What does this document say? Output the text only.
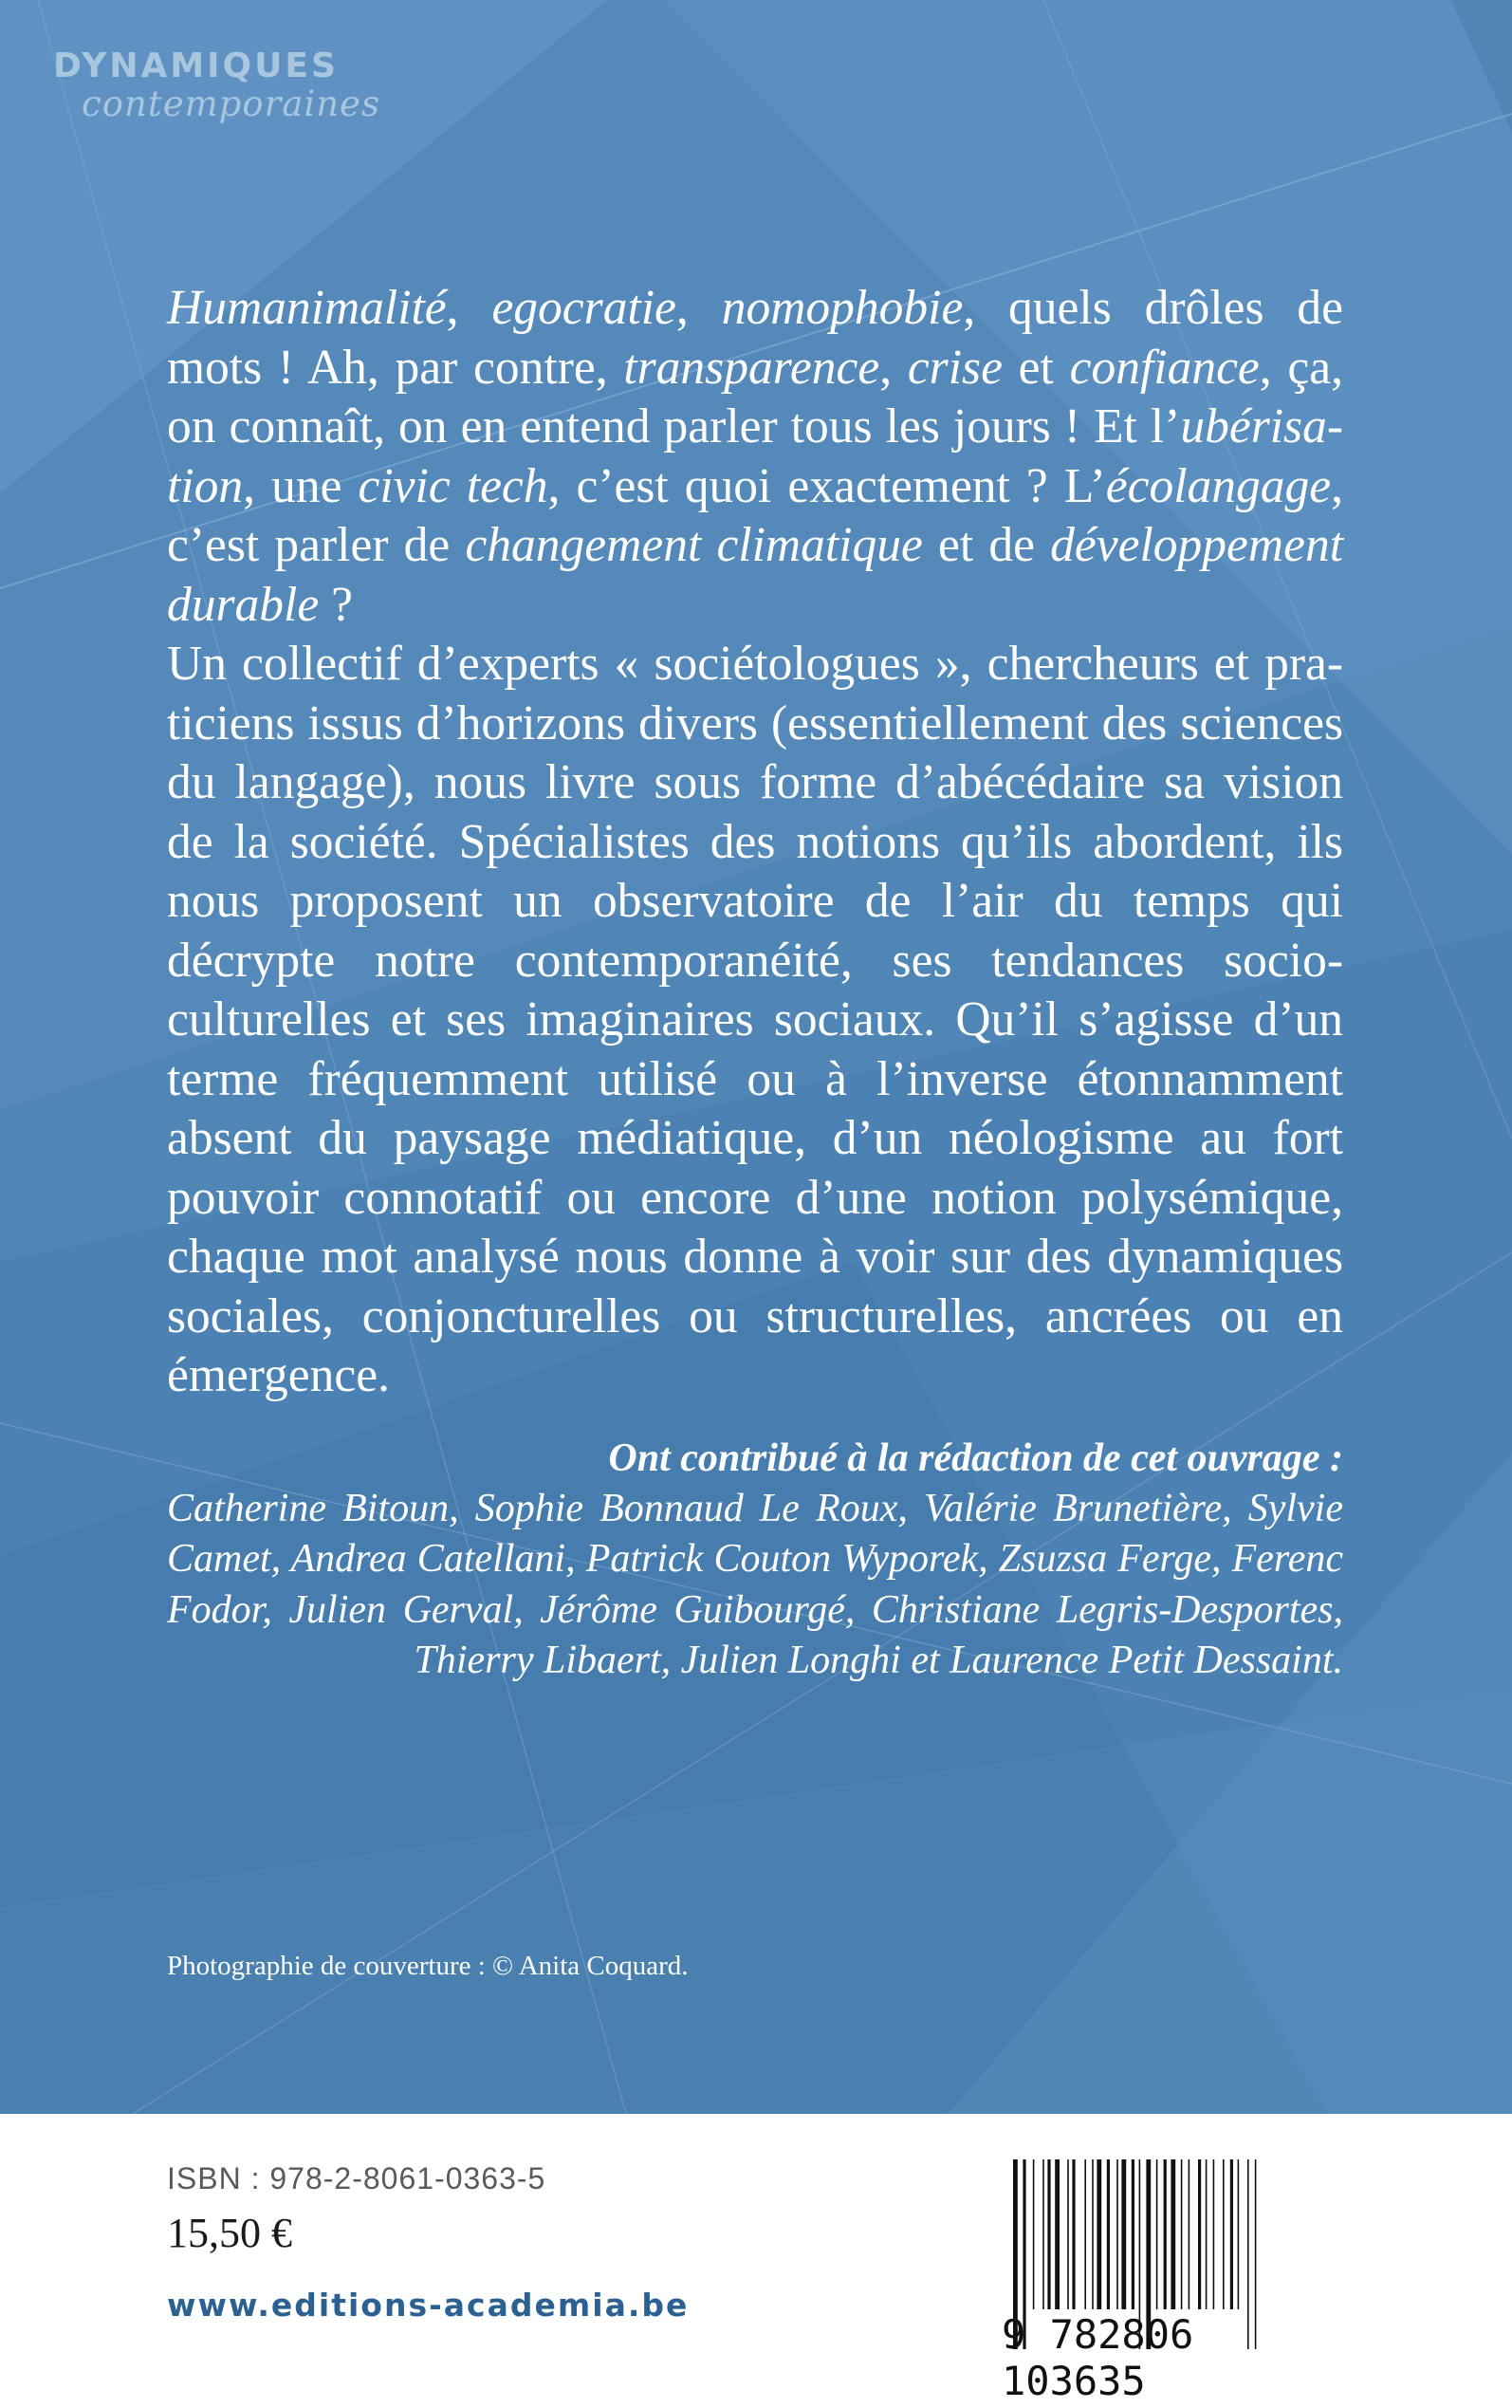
DYNAMIQUES
contemporaines

Humanimalité, egocratie, nomophobie, quels drôles de mots ! Ah, par contre, transparence, crise et confiance, ça, on connaît, on en entend parler tous les jours ! Et l’ubérisation, une civic tech, c’est quoi exactement ? L’écolangage, c’est parler de changement climatique et de développement durable ?

Un collectif d’experts « sociétologues », chercheurs et praticiens issus d’horizons divers (essentiellement des sciences du langage), nous livre sous forme d’abécédaire sa vision de la société. Spécialistes des notions qu’ils abordent, ils nous proposent un observatoire de l’air du temps qui décrypte notre contemporanéité, ses tendances socio-culturelles et ses imaginaires sociaux. Qu’il s’agisse d’un terme fréquemment utilisé ou à l’inverse étonnamment absent du paysage médiatique, d’un néologisme au fort pouvoir connotatif ou encore d’une notion polysémique, chaque mot analysé nous donne à voir sur des dynamiques sociales, conjoncturelles ou structurelles, ancrées ou en émergence.

Ont contribué à la rédaction de cet ouvrage :
Catherine Bitoun, Sophie Bonnaud Le Roux, Valérie Brunetière, Sylvie Camet, Andrea Catellani, Patrick Couton Wyporek, Zsuzsa Ferge, Ferenc Fodor, Julien Gerval, Jérôme Guibourgé, Christiane Legris-Desportes, Thierry Libaert, Julien Longhi et Laurence Petit Dessaint.
Photographie de couverture : © Anita Coquard.
ISBN : 978-2-8061-0363-5
15,50 €
www.editions-academia.be
9 782806 103635
